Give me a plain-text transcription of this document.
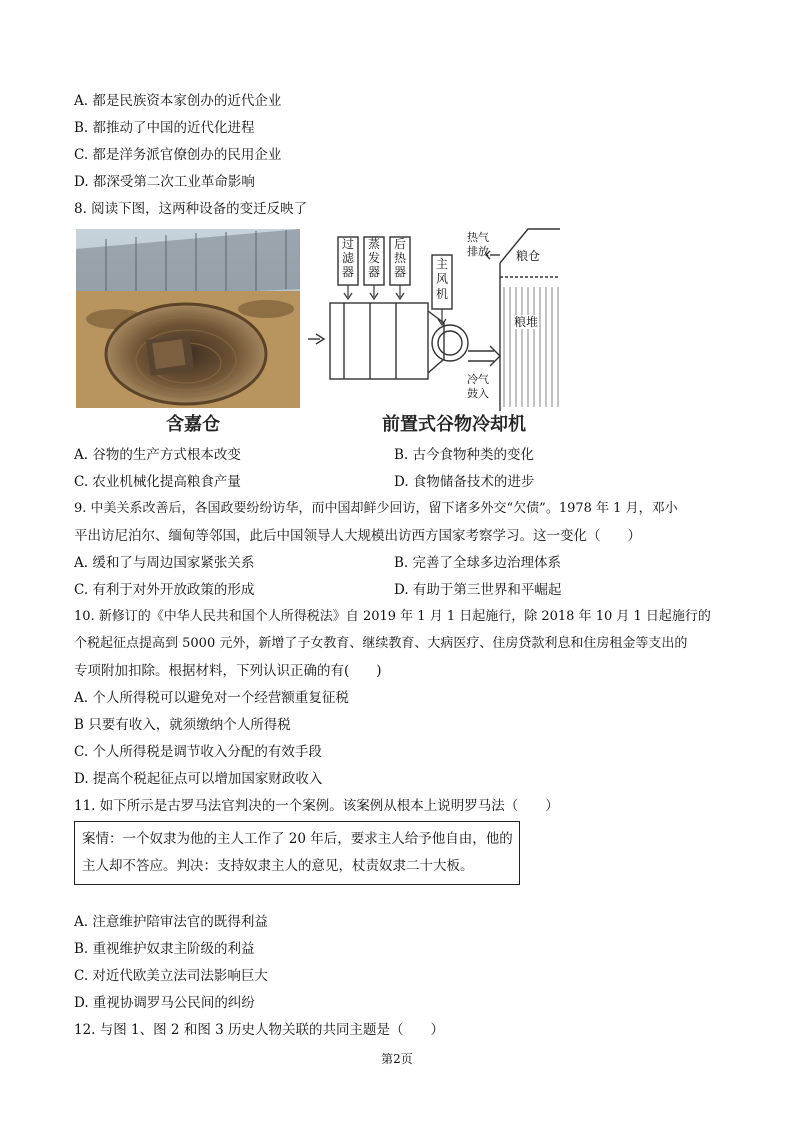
A. 都是民族资本家创办的近代企业
B. 都推动了中国的近代化进程
C. 都是洋务派官僚创办的民用企业
D. 都深受第二次工业革命影响
8. 阅读下图，这两种设备的变迁反映了
含嘉仓
过滤器
蒸发器
后热器
主风机
热气排放
冷气鼓入
粮仓
粮堆
前置式谷物冷却机
A. 谷物的生产方式根本改变	B. 古今食物种类的变化
C. 农业机械化提高粮食产量	D. 食物储备技术的进步
9. 中美关系改善后，各国政要纷纷访华，而中国却鲜少回访，留下诸多外交“欠债”。1978 年 1 月，邓小
平出访尼泊尔、缅甸等邻国，此后中国领导人大规模出访西方国家考察学习。这一变化（　　）
A. 缓和了与周边国家紧张关系	B. 完善了全球多边治理体系
C. 有利于对外开放政策的形成	D. 有助于第三世界和平崛起
10. 新修订的《中华人民共和国个人所得税法》自 2019 年 1 月 1 日起施行，除 2018 年 10 月 1 日起施行的
个税起征点提高到 5000 元外，新增了子女教育、继续教育、大病医疗、住房贷款利息和住房租金等支出的
专项附加扣除。根据材料，下列认识正确的有(　　)
A. 个人所得税可以避免对一个经营额重复征税
B 只要有收入，就须缴纳个人所得税
C. 个人所得税是调节收入分配的有效手段
D. 提高个税起征点可以增加国家财政收入
11. 如下所示是古罗马法官判决的一个案例。该案例从根本上说明罗马法（　　）
案情：一个奴隶为他的主人工作了 20 年后，要求主人给予他自由，他的
主人却不答应。判决：支持奴隶主人的意见，杖责奴隶二十大板。
A. 注意维护陪审法官的既得利益
B. 重视维护奴隶主阶级的利益
C. 对近代欧美立法司法影响巨大
D. 重视协调罗马公民间的纠纷
12. 与图 1、图 2 和图 3 历史人物关联的共同主题是（　　）
第2页
